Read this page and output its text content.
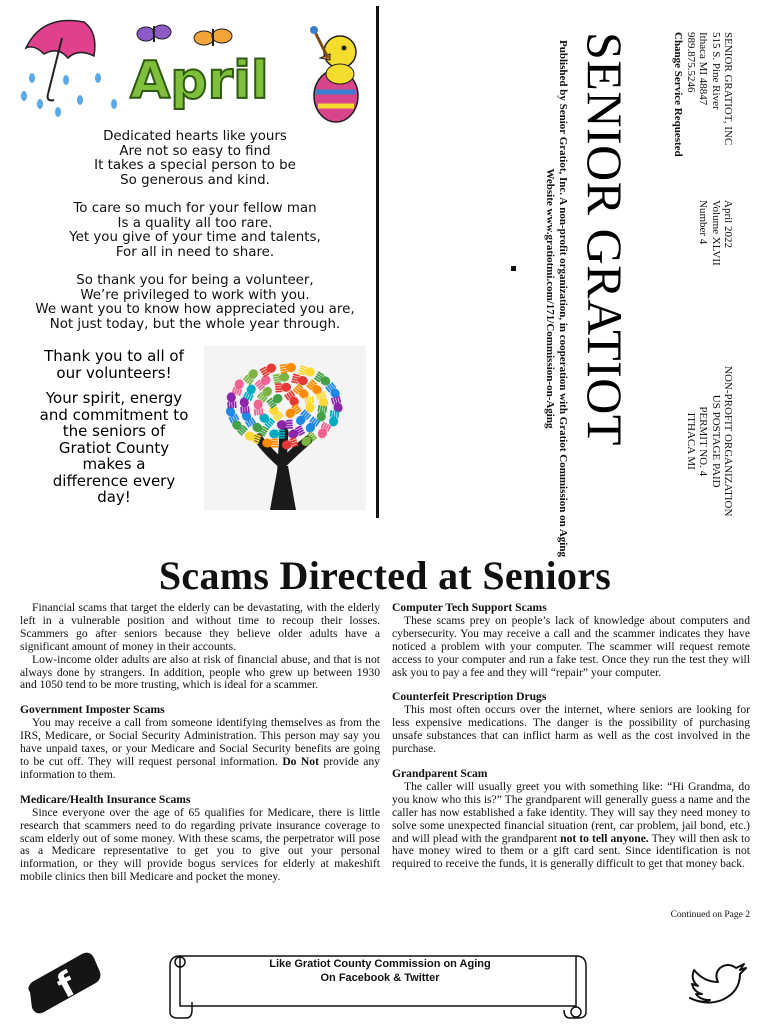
April
Dedicated hearts like yours
Are not so easy to find
It takes a special person to be
So generous and kind.
To care so much for your fellow man
Is a quality all too rare.
Yet you give of your time and talents,
For all in need to share.
So thank you for being a volunteer,
We’re privileged to work with you.
We want you to know how appreciated you are,
Not just today, but the whole year through.
Thank you to all of
our volunteers!
Your spirit, energy
and commitment to
the seniors of
Gratiot County
makes a
difference every
day!
SENIOR GRATIOT
Published by Senior Gratiot, Inc. A non-profit organization, in cooperation with Gratiot Commission on Aging
Website www.gratiotmi.com/171/Commission-on-Aging
SENIOR GRATIOT, INC
515 S. Pine River
Ithaca MI 48847
989.875.5246
Change Service Requested
April 2022
Volume XLVII
Number 4
NON-PROFIT ORGANIZATION
US POSTAGE PAID
PERMIT NO. 4
ITHACA MI
Scams Directed at Seniors

Financial scams that target the elderly can be devastating, with the elderly left in a vulnerable position and without time to recoup their losses. Scammers go after seniors because they believe older adults have a significant amount of money in their accounts.

Low-income older adults are also at risk of financial abuse, and that is not always done by strangers. In addition, people who grew up between 1930 and 1050 tend to be more trusting, which is ideal for a scammer.

Government Imposter Scams

You may receive a call from someone identifying themselves as from the IRS, Medicare, or Social Security Administration. This person may say you have unpaid taxes, or your Medicare and Social Security benefits are going to be cut off. They will request personal information. Do Not provide any information to them.

Medicare/Health Insurance Scams

Since everyone over the age of 65 qualifies for Medicare, there is little research that scammers need to do regarding private insurance coverage to scam elderly out of some money. With these scams, the perpetrator will pose as a Medicare representative to get you to give out your personal information, or they will provide bogus services for elderly at makeshift mobile clinics then bill Medicare and pocket the money.

Computer Tech Support Scams

These scams prey on people’s lack of knowledge about computers and cybersecurity. You may receive a call and the scammer indicates they have noticed a problem with your computer. The scammer will request remote access to your computer and run a fake test. Once they run the test they will ask you to pay a fee and they will “repair” your computer.

Counterfeit Prescription Drugs

This most often occurs over the internet, where seniors are looking for less expensive medications. The danger is the possibility of purchasing unsafe substances that can inflict harm as well as the cost involved in the purchase.

Grandparent Scam

The caller will usually greet you with something like: “Hi Grandma, do you know who this is?” The grandparent will generally guess a name and the caller has now established a fake identity. They will say they need money to solve some unexpected financial situation (rent, car problem, jail bond, etc.) and will plead with the grandparent not to tell anyone. They will then ask to have money wired to them or a gift card sent. Since identification is not required to receive the funds, it is generally difficult to get that money back.

Continued on Page 2
f
Like Gratiot County Commission on Aging
On Facebook & Twitter
